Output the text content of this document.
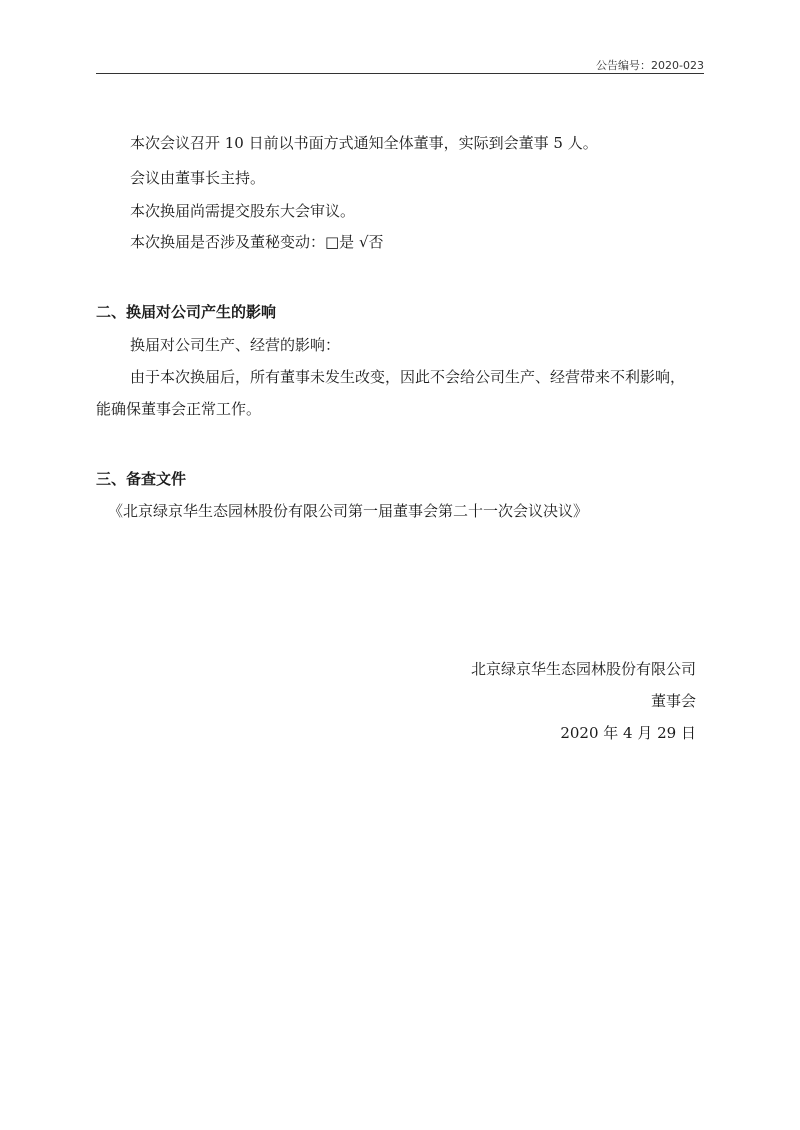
公告编号：2020-023
本次会议召开 10 日前以书面方式通知全体董事，实际到会董事 5 人。
会议由董事长主持。
本次换届尚需提交股东大会审议。
本次换届是否涉及董秘变动：□是 √否
二、换届对公司产生的影响
换届对公司生产、经营的影响：
由于本次换届后，所有董事未发生改变，因此不会给公司生产、经营带来不利影响，
能确保董事会正常工作。
三、备查文件
《北京绿京华生态园林股份有限公司第一届董事会第二十一次会议决议》
北京绿京华生态园林股份有限公司
董事会
2020 年 4 月 29 日
